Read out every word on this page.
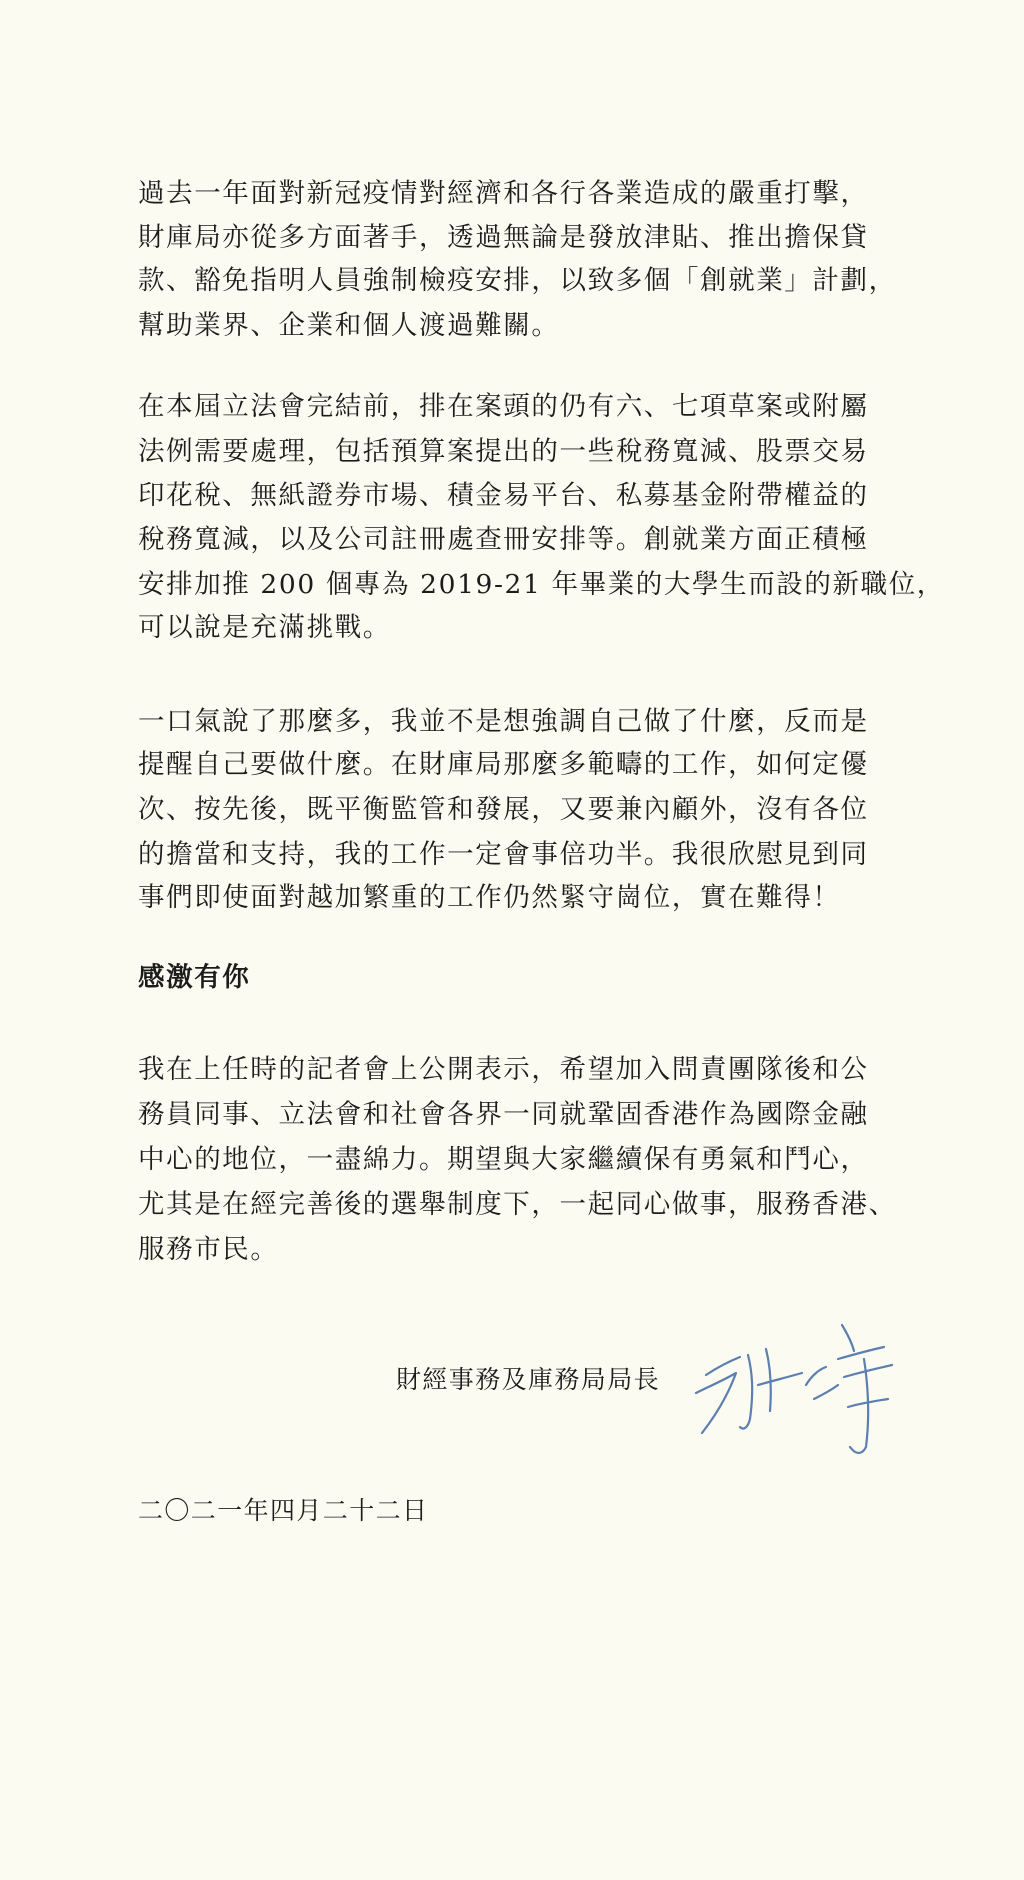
過去一年面對新冠疫情對經濟和各行各業造成的嚴重打擊，
財庫局亦從多方面著手，透過無論是發放津貼、推出擔保貸
款、豁免指明人員強制檢疫安排，以致多個「創就業」計劃，
幫助業界、企業和個人渡過難關。
在本屆立法會完結前，排在案頭的仍有六、七項草案或附屬
法例需要處理，包括預算案提出的一些稅務寬減、股票交易
印花稅、無紙證券市場、積金易平台、私募基金附帶權益的
稅務寬減，以及公司註冊處查冊安排等。創就業方面正積極
安排加推 200 個專為 2019-21 年畢業的大學生而設的新職位，
可以說是充滿挑戰。
一口氣說了那麼多，我並不是想強調自己做了什麼，反而是
提醒自己要做什麼。在財庫局那麼多範疇的工作，如何定優
次、按先後，既平衡監管和發展，又要兼內顧外，沒有各位
的擔當和支持，我的工作一定會事倍功半。我很欣慰見到同
事們即使面對越加繁重的工作仍然緊守崗位，實在難得！
感激有你
我在上任時的記者會上公開表示，希望加入問責團隊後和公
務員同事、立法會和社會各界一同就鞏固香港作為國際金融
中心的地位，一盡綿力。期望與大家繼續保有勇氣和鬥心，
尤其是在經完善後的選舉制度下，一起同心做事，服務香港、
服務市民。
財經事務及庫務局局長
二〇二一年四月二十二日
